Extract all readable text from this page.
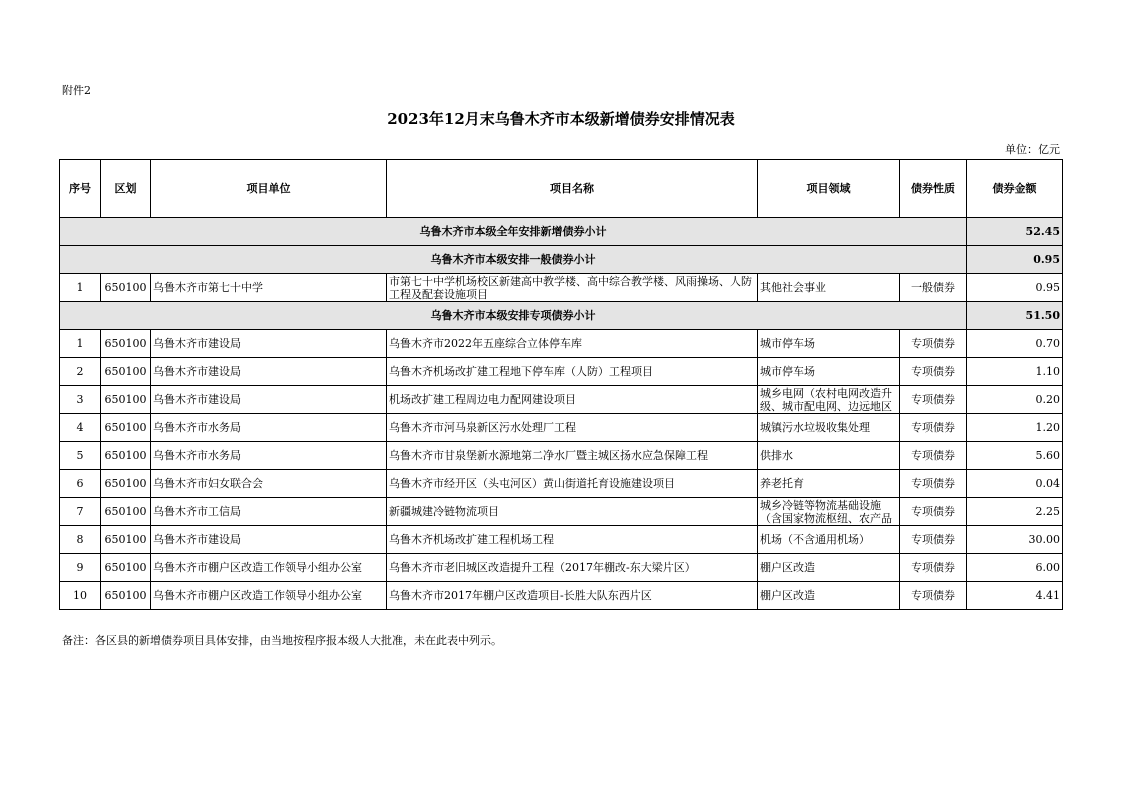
附件2
2023年12月末乌鲁木齐市本级新增债券安排情况表
单位：亿元
序号	区划	项目单位	项目名称	项目领域	债券性质	债券金额
乌鲁木齐市本级全年安排新增债券小计						52.45
乌鲁木齐市本级安排一般债券小计						0.95
1	650100	乌鲁木齐市第七十中学	市第七十中学机场校区新建高中教学楼、高中综合教学楼、风雨操场、人防工程及配套设施项目	其他社会事业	一般债券	0.95
乌鲁木齐市本级安排专项债券小计						51.50
1	650100	乌鲁木齐市建设局	乌鲁木齐市2022年五座综合立体停车库	城市停车场	专项债券	0.70
2	650100	乌鲁木齐市建设局	乌鲁木齐机场改扩建工程地下停车库（人防）工程项目	城市停车场	专项债券	1.10
3	650100	乌鲁木齐市建设局	机场改扩建工程周边电力配网建设项目	城乡电网（农村电网改造升级、城市配电网、边远地区	专项债券	0.20
4	650100	乌鲁木齐市水务局	乌鲁木齐市河马泉新区污水处理厂工程	城镇污水垃圾收集处理	专项债券	1.20
5	650100	乌鲁木齐市水务局	乌鲁木齐市甘泉堡新水源地第二净水厂暨主城区扬水应急保障工程	供排水	专项债券	5.60
6	650100	乌鲁木齐市妇女联合会	乌鲁木齐市经开区（头屯河区）黄山街道托育设施建设项目	养老托育	专项债券	0.04
7	650100	乌鲁木齐市工信局	新疆城建冷链物流项目	城乡冷链等物流基础设施（含国家物流枢纽、农产品	专项债券	2.25
8	650100	乌鲁木齐市建设局	乌鲁木齐机场改扩建工程机场工程	机场（不含通用机场）	专项债券	30.00
9	650100	乌鲁木齐市棚户区改造工作领导小组办公室	乌鲁木齐市老旧城区改造提升工程（2017年棚改-东大梁片区）	棚户区改造	专项债券	6.00
10	650100	乌鲁木齐市棚户区改造工作领导小组办公室	乌鲁木齐市2017年棚户区改造项目-长胜大队东西片区	棚户区改造	专项债券	4.41
备注：各区县的新增债券项目具体安排，由当地按程序报本级人大批准，未在此表中列示。
